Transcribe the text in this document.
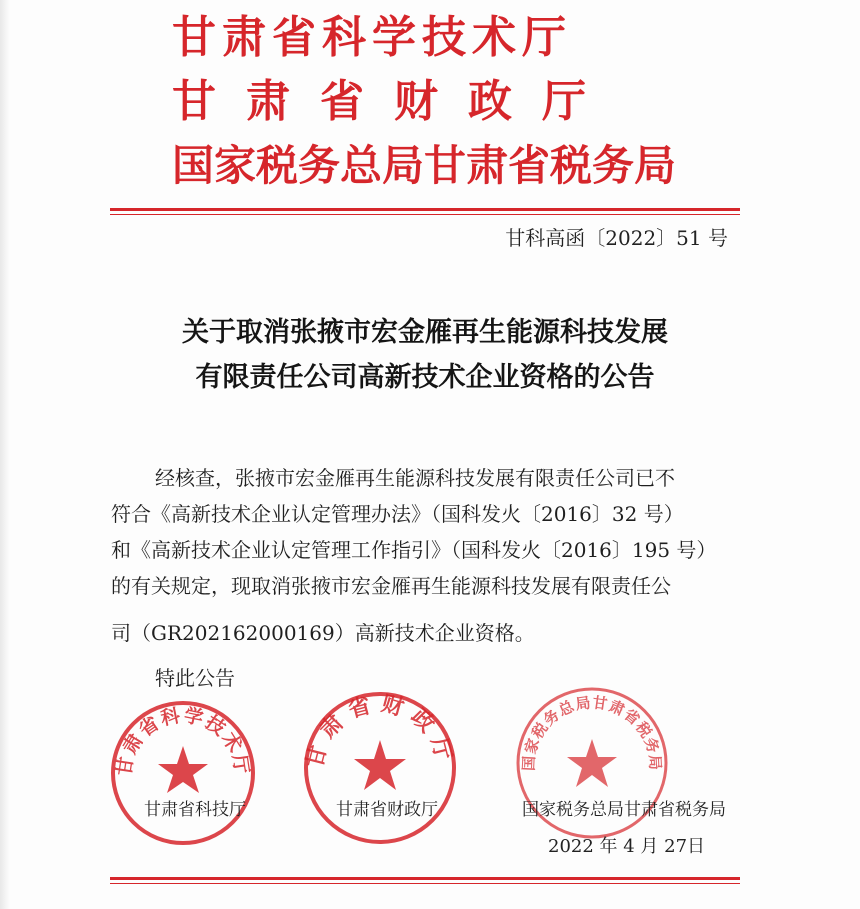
甘肃省科学技术厅
甘肃省财政厅
国家税务总局甘肃省税务局
甘科高函〔2022〕51 号
关于取消张掖市宏金雁再生能源科技发展
有限责任公司高新技术企业资格的公告
经核查，张掖市宏金雁再生能源科技发展有限责任公司已不
符合《高新技术企业认定管理办法》（国科发火〔2016〕32 号）
和《高新技术企业认定管理工作指引》（国科发火〔2016〕195 号）
的有关规定，现取消张掖市宏金雁再生能源科技发展有限责任公
司（GR202162000169）高新技术企业资格。
特此公告
甘肃省科学技术厅 甘肃省财政厅	国家税务总局甘肃省税务局
甘肃省科技厅	甘肃省财政厅	国家税务总局甘肃省税务局
2022 年 4 月 27日
